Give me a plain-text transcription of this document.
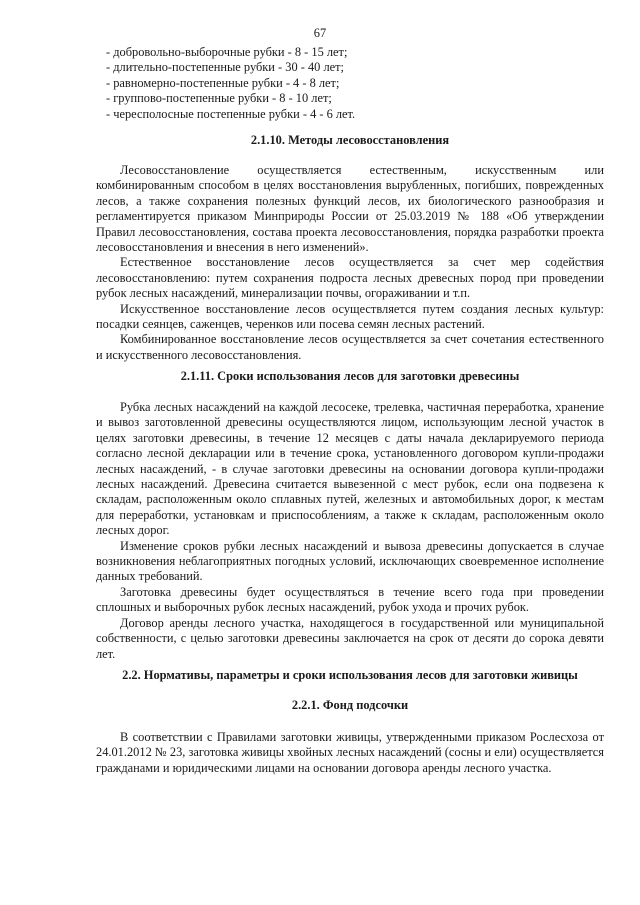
67
- добровольно-выборочные рубки - 8 - 15 лет;
- длительно-постепенные рубки - 30 - 40 лет;
- равномерно-постепенные рубки - 4 - 8 лет;
- группово-постепенные рубки - 8 - 10 лет;
- чересполосные постепенные рубки - 4 - 6 лет.
2.1.10. Методы лесовосстановления

Лесовосстановление осуществляется естественным, искусственным или комбинированным способом в целях восстановления вырубленных, погибших, поврежденных лесов, а также сохранения полезных функций лесов, их биологического разнообразия и регламентируется приказом Минприроды России от 25.03.2019 № 188 «Об утверждении Правил лесовосстановления, состава проекта лесовосстановления, порядка разработки проекта лесовосстановления и внесения в него изменений».

Естественное восстановление лесов осуществляется за счет мер содействия лесовосстановлению: путем сохранения подроста лесных древесных пород при проведении рубок лесных насаждений, минерализации почвы, огораживании и т.п.

Искусственное восстановление лесов осуществляется путем создания лесных культур: посадки сеянцев, саженцев, черенков или посева семян лесных растений.

Комбинированное восстановление лесов осуществляется за счет сочетания естественного и искусственного лесовосстановления.

2.1.11. Сроки использования лесов для заготовки древесины

Рубка лесных насаждений на каждой лесосеке, трелевка, частичная переработка, хранение и вывоз заготовленной древесины осуществляются лицом, использующим лесной участок в целях заготовки древесины, в течение 12 месяцев с даты начала декларируемого периода согласно лесной декларации или в течение срока, установленного договором купли-продажи лесных насаждений, - в случае заготовки древесины на основании договора купли-продажи лесных насаждений. Древесина считается вывезенной с мест рубок, если она подвезена к складам, расположенным около сплавных путей, железных и автомобильных дорог, к местам для переработки, установкам и приспособлениям, а также к складам, расположенным около лесных дорог.

Изменение сроков рубки лесных насаждений и вывоза древесины допускается в случае возникновения неблагоприятных погодных условий, исключающих своевременное исполнение данных требований.

Заготовка древесины будет осуществляться в течение всего года при проведении сплошных и выборочных рубок лесных насаждений, рубок ухода и прочих рубок.

Договор аренды лесного участка, находящегося в государственной или муниципальной собственности, с целью заготовки древесины заключается на срок от десяти до сорока девяти лет.

2.2. Нормативы, параметры и сроки использования лесов для заготовки живицы
2.2.1. Фонд подсочки

В соответствии с Правилами заготовки живицы, утвержденными приказом Рослесхоза от 24.01.2012 № 23, заготовка живицы хвойных лесных насаждений (сосны и ели) осуществляется гражданами и юридическими лицами на основании договора аренды лесного участка.
